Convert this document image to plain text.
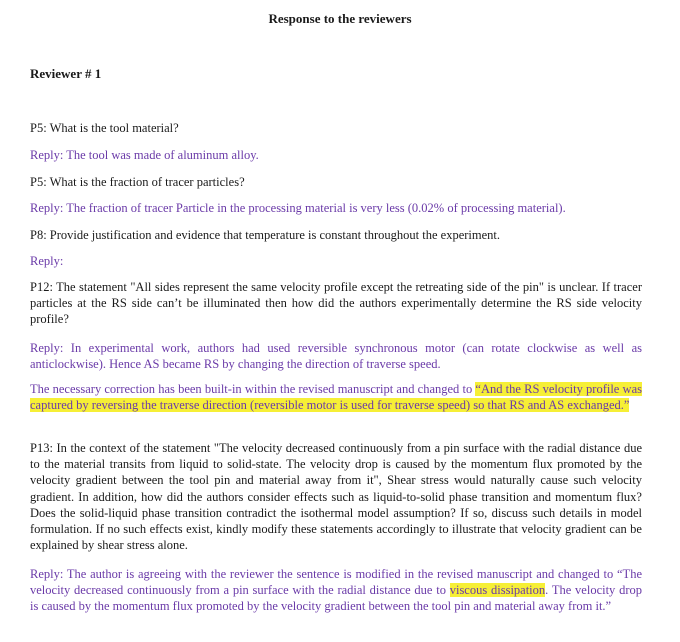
Response to the reviewers
Reviewer # 1

P5: What is the tool material?

Reply: The tool was made of aluminum alloy.

P5: What is the fraction of tracer particles?

Reply: The fraction of tracer Particle in the processing material is very less (0.02% of processing material).

P8: Provide justification and evidence that temperature is constant throughout the experiment.

Reply:

P12: The statement "All sides represent the same velocity profile except the retreating side of the pin" is unclear. If tracer particles at the RS side can’t be illuminated then how did the authors experimentally determine the RS side velocity profile?

Reply: In experimental work, authors had used reversible synchronous motor (can rotate clockwise as well as anticlockwise). Hence AS became RS by changing the direction of traverse speed.

The necessary correction has been built-in within the revised manuscript and changed to “And the RS velocity profile was captured by reversing the traverse direction (reversible motor is used for traverse speed) so that RS and AS exchanged.”

P13: In the context of the statement "The velocity decreased continuously from a pin surface with the radial distance due to the material transits from liquid to solid-state. The velocity drop is caused by the momentum flux promoted by the velocity gradient between the tool pin and material away from it", Shear stress would naturally cause such velocity gradient. In addition, how did the authors consider effects such as liquid-to-solid phase transition and momentum flux? Does the solid-liquid phase transition contradict the isothermal model assumption? If so, discuss such details in model formulation. If no such effects exist, kindly modify these statements accordingly to illustrate that velocity gradient can be explained by shear stress alone.

Reply: The author is agreeing with the reviewer the sentence is modified in the revised manuscript and changed to “The velocity decreased continuously from a pin surface with the radial distance due to viscous dissipation. The velocity drop is caused by the momentum flux promoted by the velocity gradient between the tool pin and material away from it.”
